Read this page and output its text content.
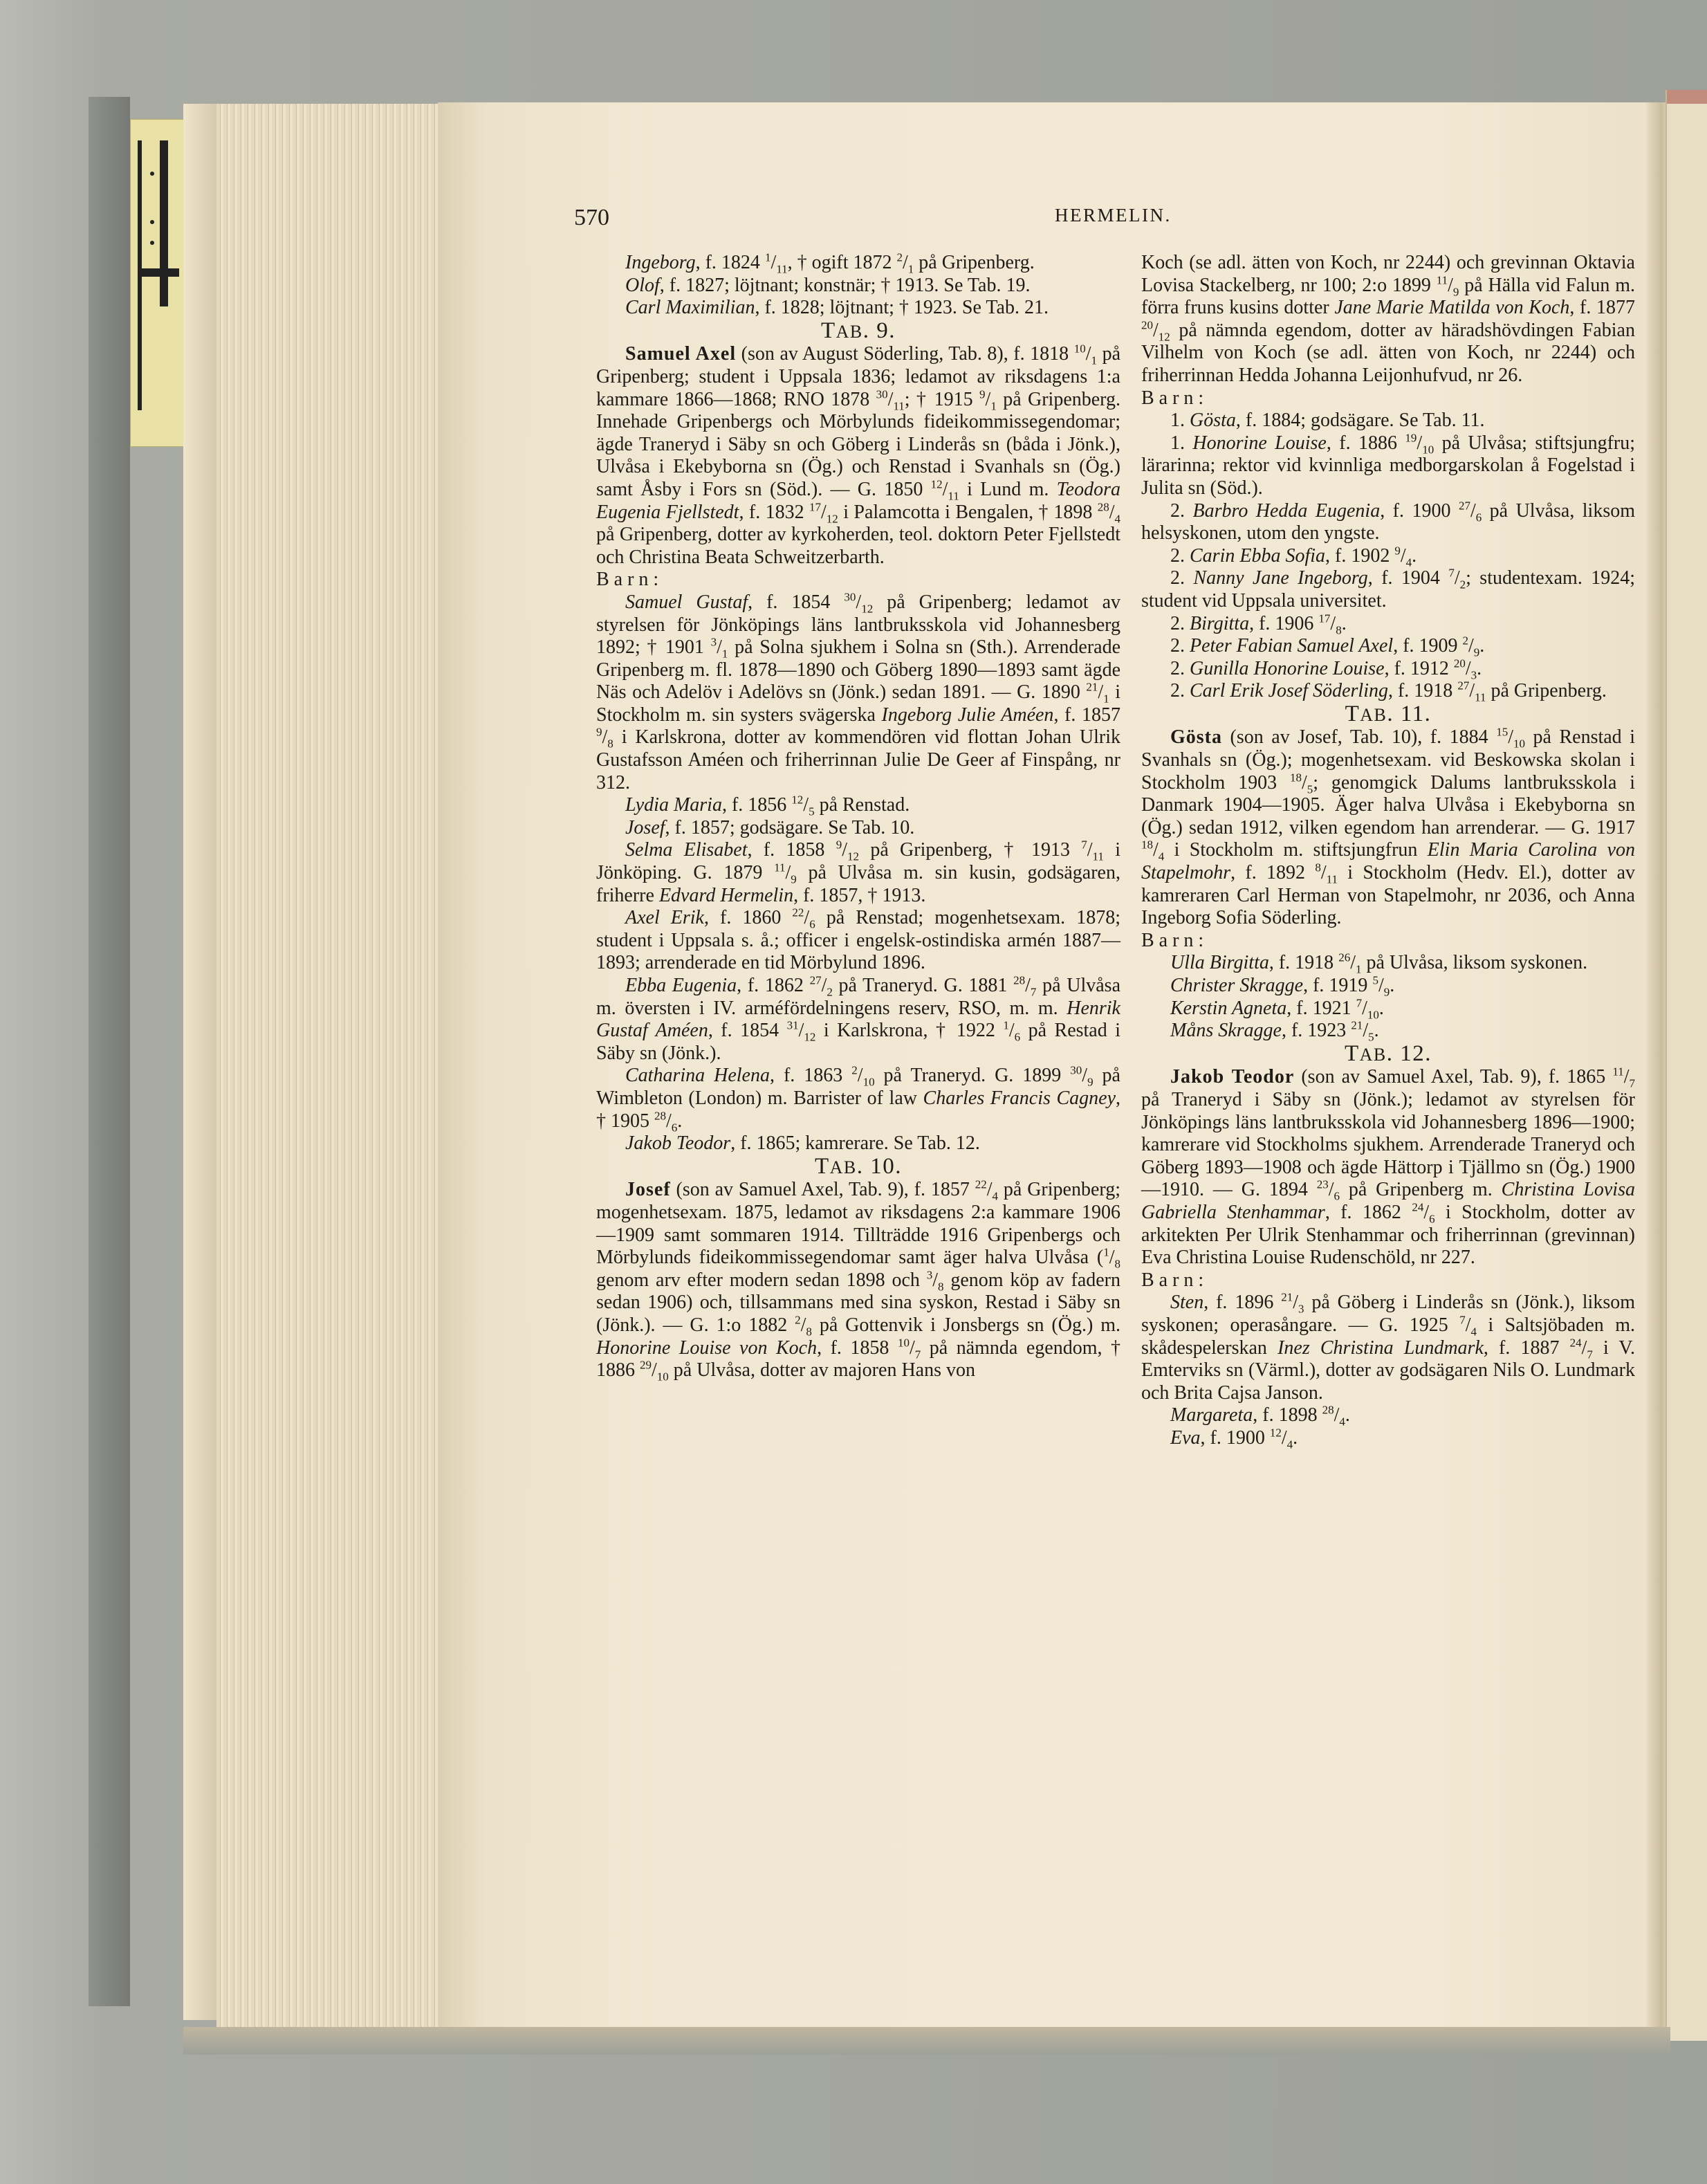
570	HERMELIN.

Ingeborg, f. 1824 $^1/_{11}$, † ogift 1872 $^2/_1$ på Gripenberg.

Olof, f. 1827; löjtnant; konstnär; † 1913. Se Tab. 19.

Carl Maximilian, f. 1828; löjtnant; † 1923. Se Tab. 21.

TAB. 9.

Samuel Axel (son av August Söderling, Tab. 8), f. 1818 $^{10}/_1$ på Gripenberg; student i Uppsala 1836; ledamot av riksdagens 1:a kammare 1866—1868; RNO 1878 $^{30}/_{11}$; † 1915 $^9/_1$ på Gripenberg. Innehade Gripenbergs och Mörbylunds fideikommissegendomar; ägde Traneryd i Säby sn och Göberg i Linderås sn (båda i Jönk.), Ulvåsa i Ekebyborna sn (Ög.) och Renstad i Svanhals sn (Ög.) samt Åsby i Fors sn (Söd.). — G. 1850 $^{12}/_{11}$ i Lund m. Teodora Eugenia Fjellstedt, f. 1832 $^{17}/_{12}$ i Palamcotta i Bengalen, † 1898 $^{28}/_4$ på Gripenberg, dotter av kyrkoherden, teol. doktorn Peter Fjellstedt och Christina Beata Schweitzerbarth.

Barn:

Samuel Gustaf, f. 1854 $^{30}/_{12}$ på Gripenberg; ledamot av styrelsen för Jönköpings läns lantbruksskola vid Johannesberg 1892; † 1901 $^3/_1$ på Solna sjukhem i Solna sn (Sth.). Arrenderade Gripenberg m. fl. 1878—1890 och Göberg 1890—1893 samt ägde Näs och Adelöv i Adelövs sn (Jönk.) sedan 1891. — G. 1890 $^{21}/_1$ i Stockholm m. sin systers svägerska Ingeborg Julie Améen, f. 1857 $^9/_8$ i Karlskrona, dotter av kommendören vid flottan Johan Ulrik Gustafsson Améen och friherrinnan Julie De Geer af Finspång, nr 312.

Lydia Maria, f. 1856 $^{12}/_5$ på Renstad.

Josef, f. 1857; godsägare. Se Tab. 10.

Selma Elisabet, f. 1858 $^9/_{12}$ på Gripenberg, † 1913 $^7/_{11}$ i Jönköping. G. 1879 $^{11}/_9$ på Ulvåsa m. sin kusin, godsägaren, friherre Edvard Hermelin, f. 1857, † 1913.

Axel Erik, f. 1860 $^{22}/_6$ på Renstad; mogenhetsexam. 1878; student i Uppsala s. å.; officer i engelsk-ostindiska armén 1887—1893; arrenderade en tid Mörbylund 1896.

Ebba Eugenia, f. 1862 $^{27}/_2$ på Traneryd. G. 1881 $^{28}/_7$ på Ulvåsa m. översten i IV. arméfördelningens reserv, RSO, m. m. Henrik Gustaf Améen, f. 1854 $^{31}/_{12}$ i Karlskrona, † 1922 $^1/_6$ på Restad i Säby sn (Jönk.).

Catharina Helena, f. 1863 $^2/_{10}$ på Traneryd. G. 1899 $^{30}/_9$ på Wimbleton (London) m. Barrister of law Charles Francis Cagney, † 1905 $^{28}/_6$.

Jakob Teodor, f. 1865; kamrerare. Se Tab. 12.

TAB. 10.

Josef (son av Samuel Axel, Tab. 9), f. 1857 $^{22}/_4$ på Gripenberg; mogenhetsexam. 1875, ledamot av riksdagens 2:a kammare 1906—1909 samt sommaren 1914. Tillträdde 1916 Gripenbergs och Mörbylunds fideikommissegendomar samt äger halva Ulvåsa ($^1/_8$ genom arv efter modern sedan 1898 och $^3/_8$ genom köp av fadern sedan 1906) och, tillsammans med sina syskon, Restad i Säby sn (Jönk.). — G. 1:o 1882 $^2/_8$ på Gottenvik i Jonsbergs sn (Ög.) m. Honorine Louise von Koch, f. 1858 $^{10}/_7$ på nämnda egendom, † 1886 $^{29}/_{10}$ på Ulvåsa, dotter av majoren Hans von

Koch (se adl. ätten von Koch, nr 2244) och grevinnan Oktavia Lovisa Stackelberg, nr 100; 2:o 1899 $^{11}/_9$ på Hälla vid Falun m. förra fruns kusins dotter Jane Marie Matilda von Koch, f. 1877 $^{20}/_{12}$ på nämnda egendom, dotter av häradshövdingen Fabian Vilhelm von Koch (se adl. ätten von Koch, nr 2244) och friherrinnan Hedda Johanna Leijonhufvud, nr 26.

Barn:

1. Gösta, f. 1884; godsägare. Se Tab. 11.

1. Honorine Louise, f. 1886 $^{19}/_{10}$ på Ulvåsa; stiftsjungfru; lärarinna; rektor vid kvinnliga medborgarskolan å Fogelstad i Julita sn (Söd.).

2. Barbro Hedda Eugenia, f. 1900 $^{27}/_6$ på Ulvåsa, liksom helsyskonen, utom den yngste.

2. Carin Ebba Sofia, f. 1902 $^9/_4$.

2. Nanny Jane Ingeborg, f. 1904 $^7/_2$; studentexam. 1924; student vid Uppsala universitet.

2. Birgitta, f. 1906 $^{17}/_8$.

2. Peter Fabian Samuel Axel, f. 1909 $^2/_9$.

2. Gunilla Honorine Louise, f. 1912 $^{20}/_3$.

2. Carl Erik Josef Söderling, f. 1918 $^{27}/_{11}$ på Gripenberg.

TAB. 11.

Gösta (son av Josef, Tab. 10), f. 1884 $^{15}/_{10}$ på Renstad i Svanhals sn (Ög.); mogenhetsexam. vid Beskowska skolan i Stockholm 1903 $^{18}/_5$; genomgick Dalums lantbruksskola i Danmark 1904—1905. Äger halva Ulvåsa i Ekebyborna sn (Ög.) sedan 1912, vilken egendom han arrenderar. — G. 1917 $^{18}/_4$ i Stockholm m. stiftsjungfrun Elin Maria Carolina von Stapelmohr, f. 1892 $^8/_{11}$ i Stockholm (Hedv. El.), dotter av kamreraren Carl Herman von Stapelmohr, nr 2036, och Anna Ingeborg Sofia Söderling.

Barn:

Ulla Birgitta, f. 1918 $^{26}/_1$ på Ulvåsa, liksom syskonen.

Christer Skragge, f. 1919 $^5/_9$.

Kerstin Agneta, f. 1921 $^7/_{10}$.

Måns Skragge, f. 1923 $^{21}/_5$.

TAB. 12.

Jakob Teodor (son av Samuel Axel, Tab. 9), f. 1865 $^{11}/_7$ på Traneryd i Säby sn (Jönk.); ledamot av styrelsen för Jönköpings läns lantbruksskola vid Johannesberg 1896—1900; kamrerare vid Stockholms sjukhem. Arrenderade Traneryd och Göberg 1893—1908 och ägde Hättorp i Tjällmo sn (Ög.) 1900—1910. — G. 1894 $^{23}/_6$ på Gripenberg m. Christina Lovisa Gabriella Stenhammar, f. 1862 $^{24}/_6$ i Stockholm, dotter av arkitekten Per Ulrik Stenhammar och friherrinnan (grevinnan) Eva Christina Louise Rudenschöld, nr 227.

Barn:

Sten, f. 1896 $^{21}/_3$ på Göberg i Linderås sn (Jönk.), liksom syskonen; operasångare. — G. 1925 $^7/_4$ i Saltsjöbaden m. skådespelerskan Inez Christina Lundmark, f. 1887 $^{24}/_7$ i V. Emterviks sn (Värml.), dotter av godsägaren Nils O. Lundmark och Brita Cajsa Janson.

Margareta, f. 1898 $^{28}/_4$.

Eva, f. 1900 $^{12}/_4$.
